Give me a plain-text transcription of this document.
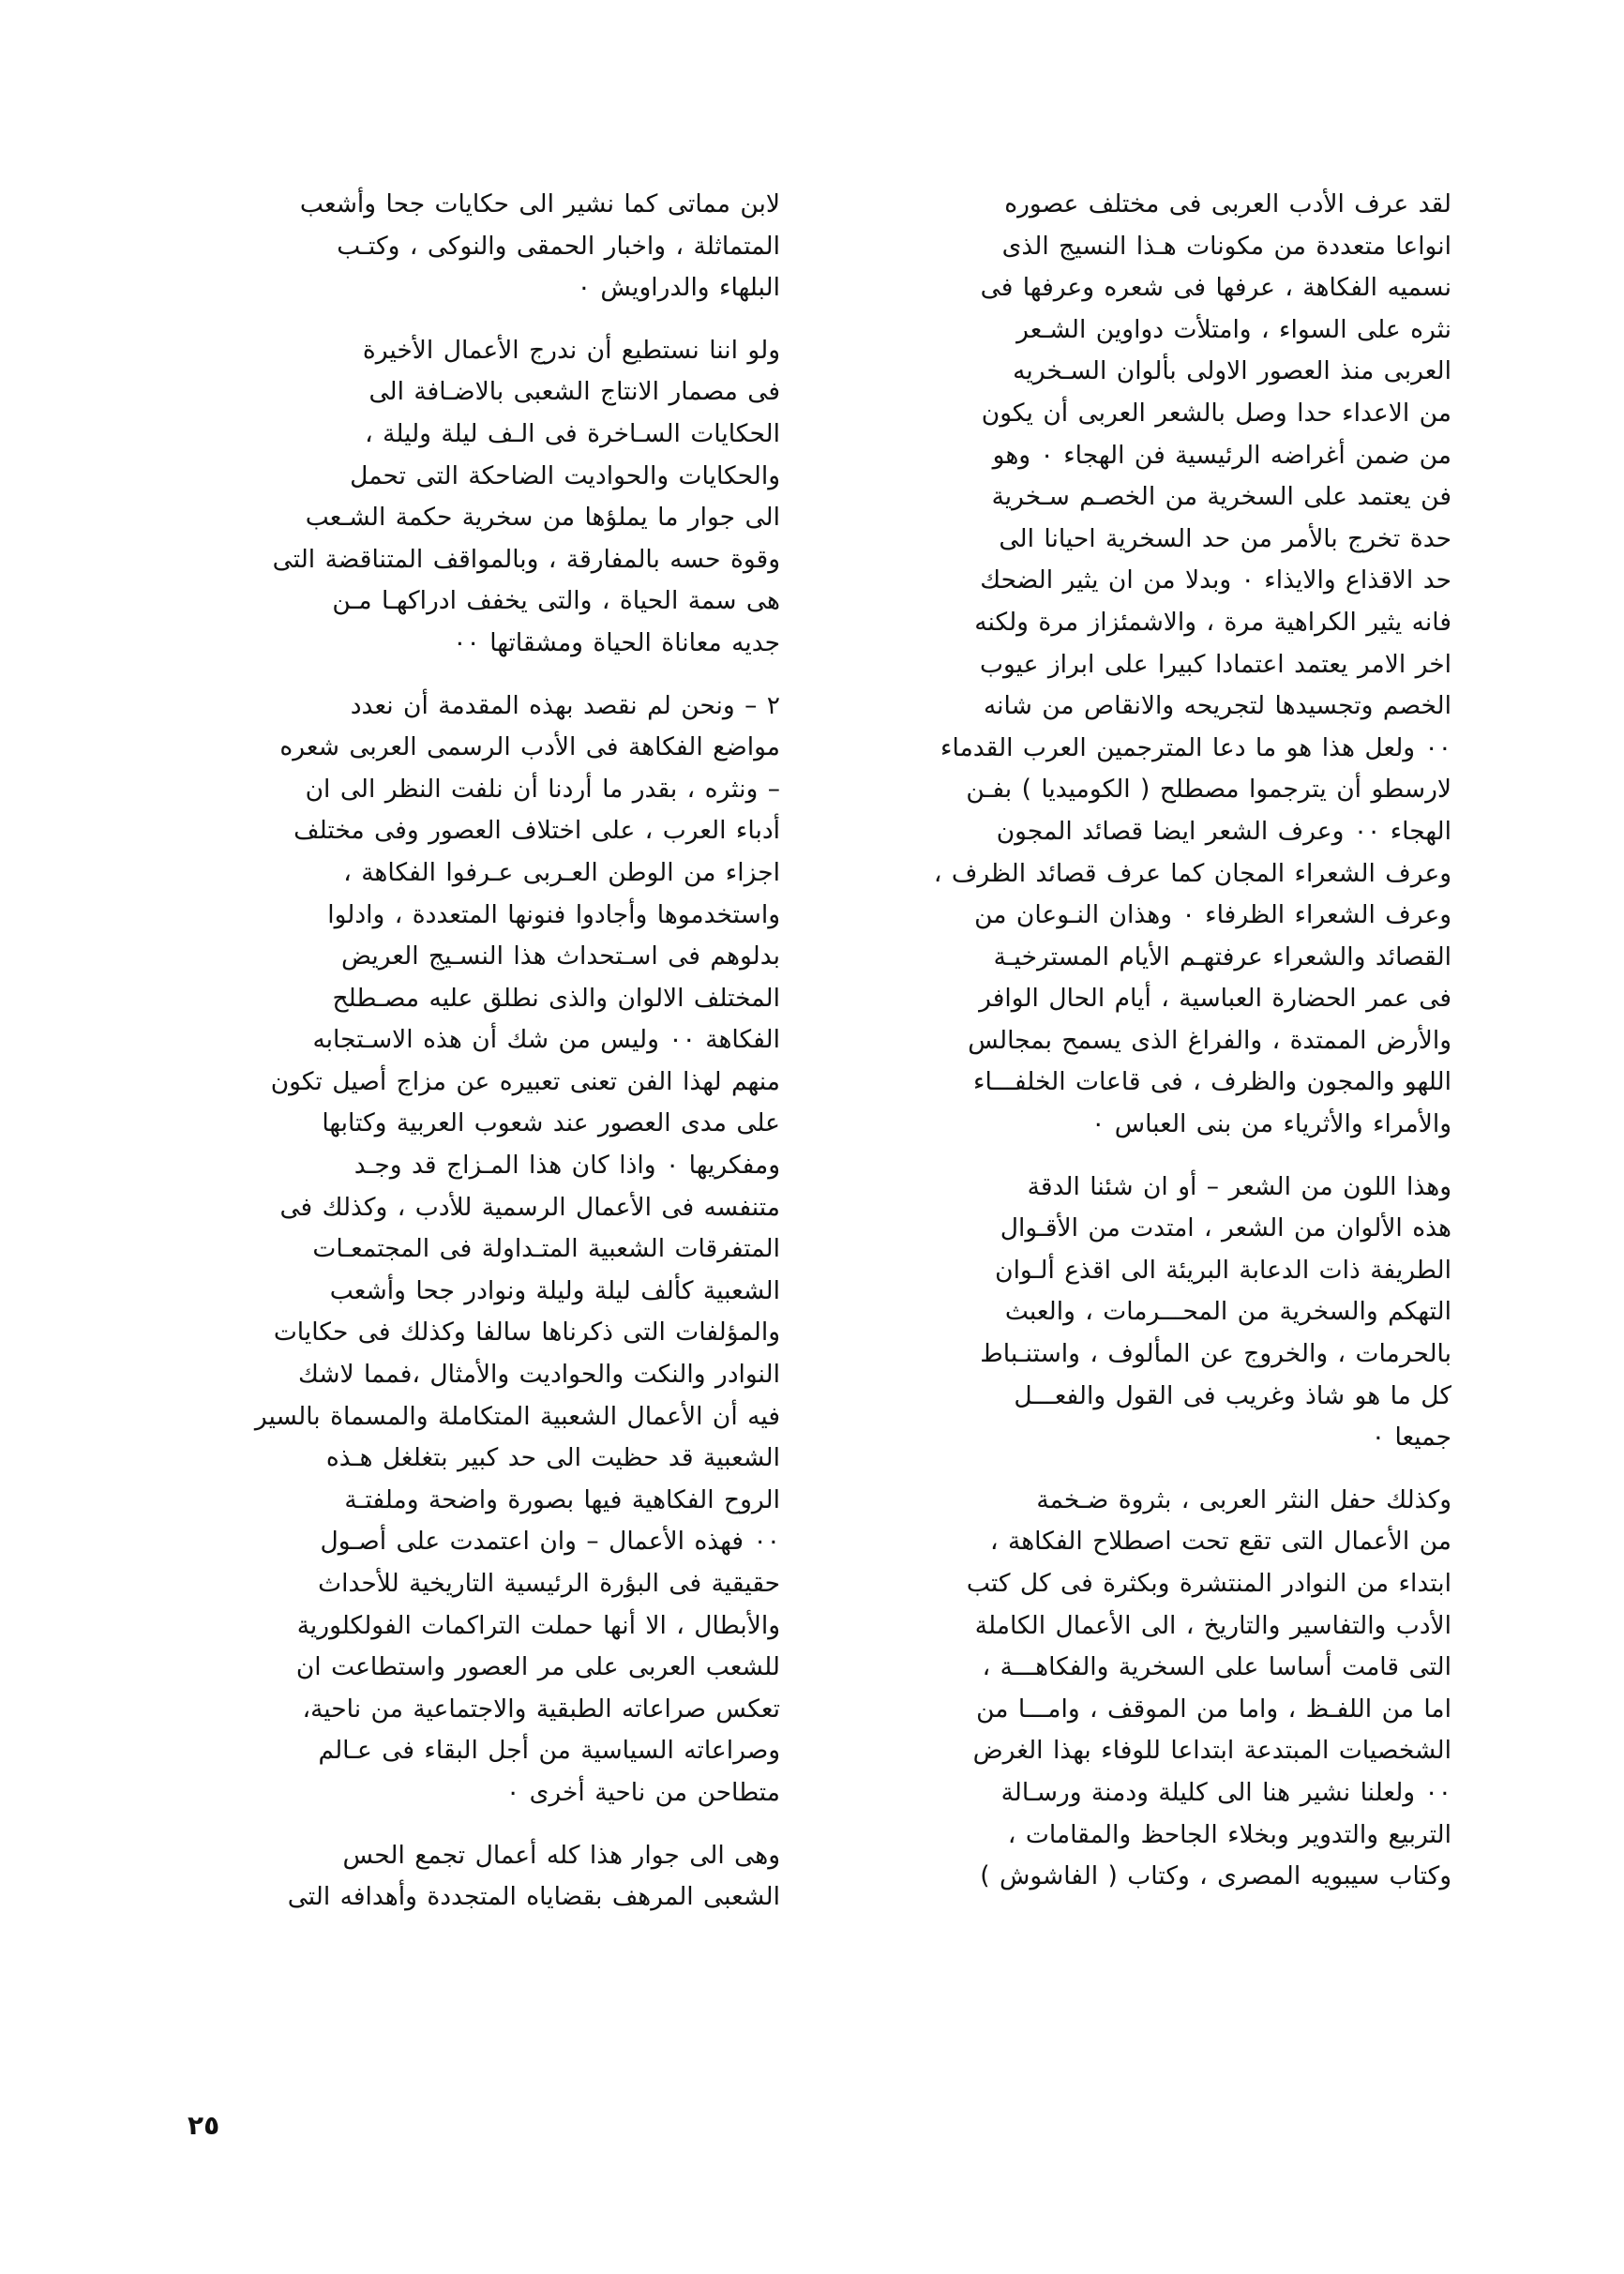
لقد عرف الأدب العربى فى مختلف عصوره
انواعا متعددة من مكونات هـذا النسيج الذى
نسميه الفكاهة ، عرفها فى شعره وعرفها فى
نثره على السواء ، وامتلأت دواوين الشـعر
العربى منذ العصور الاولى بألوان السـخريه
من الاعداء حدا وصل بالشعر العربى أن يكون
من ضمن أغراضه الرئيسية فن الهجاء ٠ وهو
فن يعتمد على السخرية من الخصـم سـخرية
حدة تخرج بالأمر من حد السخرية احيانا الى
حد الاقذاع والايذاء ٠ وبدلا من ان يثير الضحك
فانه يثير الكراهية مرة ، والاشمئزاز مرة ولكنه
اخر الامر يعتمد اعتمادا كبيرا على ابراز عيوب
الخصم وتجسيدها لتجريحه والانقاص من شانه
٠٠ ولعل هذا هو ما دعا المترجمين العرب القدماء

لارسطو أن يترجموا مصطلح ( الكوميديا ) بفـن
الهجاء ٠٠ وعرف الشعر ايضا قصائد المجون
وعرف الشعراء المجان كما عرف قصائد الظرف ،
وعرف الشعراء الظرفاء ٠ وهذان النـوعان من
القصائد والشعراء عرفتهـم الأيام المسترخيـة
فى عمر الحضارة العباسية ، أيام الحال الوافر
والأرض الممتدة ، والفراغ الذى يسمح بمجالس
اللهو والمجون والظرف ، فى قاعات الخلفـــاء
والأمراء والأثرياء من بنى العباس ٠

وهذا اللون من الشعر – أو ان شئنا الدقة
هذه الألوان من الشعر ، امتدت من الأقـوال
الطريفة ذات الدعابة البريئة الى اقذع ألـوان
التهكم والسخرية من المحـــرمات ، والعبث
بالحرمات ، والخروج عن المألوف ، واستنـباط
كل ما هو شاذ وغريب فى القول والفعـــل
جميعا ٠

وكذلك حفل النثر العربى ، بثروة ضـخمة
من الأعمال التى تقع تحت اصطلاح الفكاهة ،
ابتداء من النوادر المنتشرة وبكثرة فى كل كتب
الأدب والتفاسير والتاريخ ، الى الأعمال الكاملة
التى قامت أساسا على السخرية والفكاهـــة ،
اما من اللفـظ ، واما من الموقف ، وامـــا من
الشخصيات المبتدعة ابتداعا للوفاء بهذا الغرض
٠٠ ولعلنا نشير هنا الى كليلة ودمنة ورسـالة
التربيع والتدوير وبخلاء الجاحظ والمقامات ،
وكتاب سيبويه المصرى ، وكتاب ( الفاشوش )

لابن مماتى كما نشير الى حكايات جحا وأشعب
المتماثلة ، واخبار الحمقى والنوكى ، وكتـب
البلهاء والدراويش ٠

ولو اننا نستطيع أن ندرج الأعمال الأخيرة
فى مصمار الانتاج الشعبى بالاضـافة الى
الحكايات السـاخرة فى الـف ليلة وليلة ،
والحكايات والحواديت الضاحكة التى تحمل
الى جوار ما يملؤها من سخرية حكمة الشـعب
وقوة حسه بالمفارقة ، وبالمواقف المتناقضة التى
هى سمة الحياة ، والتى يخفف ادراكهـا مـن
جديه معاناة الحياة ومشقاتها ٠٠

٢ – ونحن لم نقصد بهذه المقدمة أن نعدد
مواضع الفكاهة فى الأدب الرسمى العربى شعره
– ونثره ، بقدر ما أردنا أن نلفت النظر الى ان
أدباء العرب ، على اختلاف العصور وفى مختلف
اجزاء من الوطن العـربى عـرفوا الفكاهة ،
واستخدموها وأجادوا فنونها المتعددة ، وادلوا
بدلوهم فى اسـتحداث هذا النسـيج العريض
المختلف الالوان والذى نطلق عليه مصـطلح
الفكاهة ٠٠ وليس من شك أن هذه الاسـتجابه
منهم لهذا الفن تعنى تعبيره عن مزاج أصيل تكون
على مدى العصور عند شعوب العربية وكتابها
ومفكريها ٠ واذا كان هذا المـزاج قد وجـد
متنفسه فى الأعمال الرسمية للأدب ، وكذلك فى
المتفرقات الشعبية المتـداولة فى المجتمعـات
الشعبية كألف ليلة وليلة ونوادر جحا وأشعب
والمؤلفات التى ذكرناها سالفا وكذلك فى حكايات
النوادر والنكت والحواديت والأمثال ،فمما لاشك
فيه أن الأعمال الشعبية المتكاملة والمسماة بالسير
الشعبية قد حظيت الى حد كبير بتغلغل هـذه
الروح الفكاهية فيها بصورة واضحة وملفتـة
٠٠ فهذه الأعمال – وان اعتمدت على أصـول
حقيقية فى البؤرة الرئيسية التاريخية للأحداث
والأبطال ، الا أنها حملت التراكمات الفولكلورية
للشعب العربى على مر العصور واستطاعت ان
تعكس صراعاته الطبقية والاجتماعية من ناحية،
وصراعاته السياسية من أجل البقاء فى عـالم
متطاحن من ناحية أخرى ٠

وهى الى جوار هذا كله أعمال تجمع الحس
الشعبى المرهف بقضاياه المتجددة وأهدافه التى

٢٥
